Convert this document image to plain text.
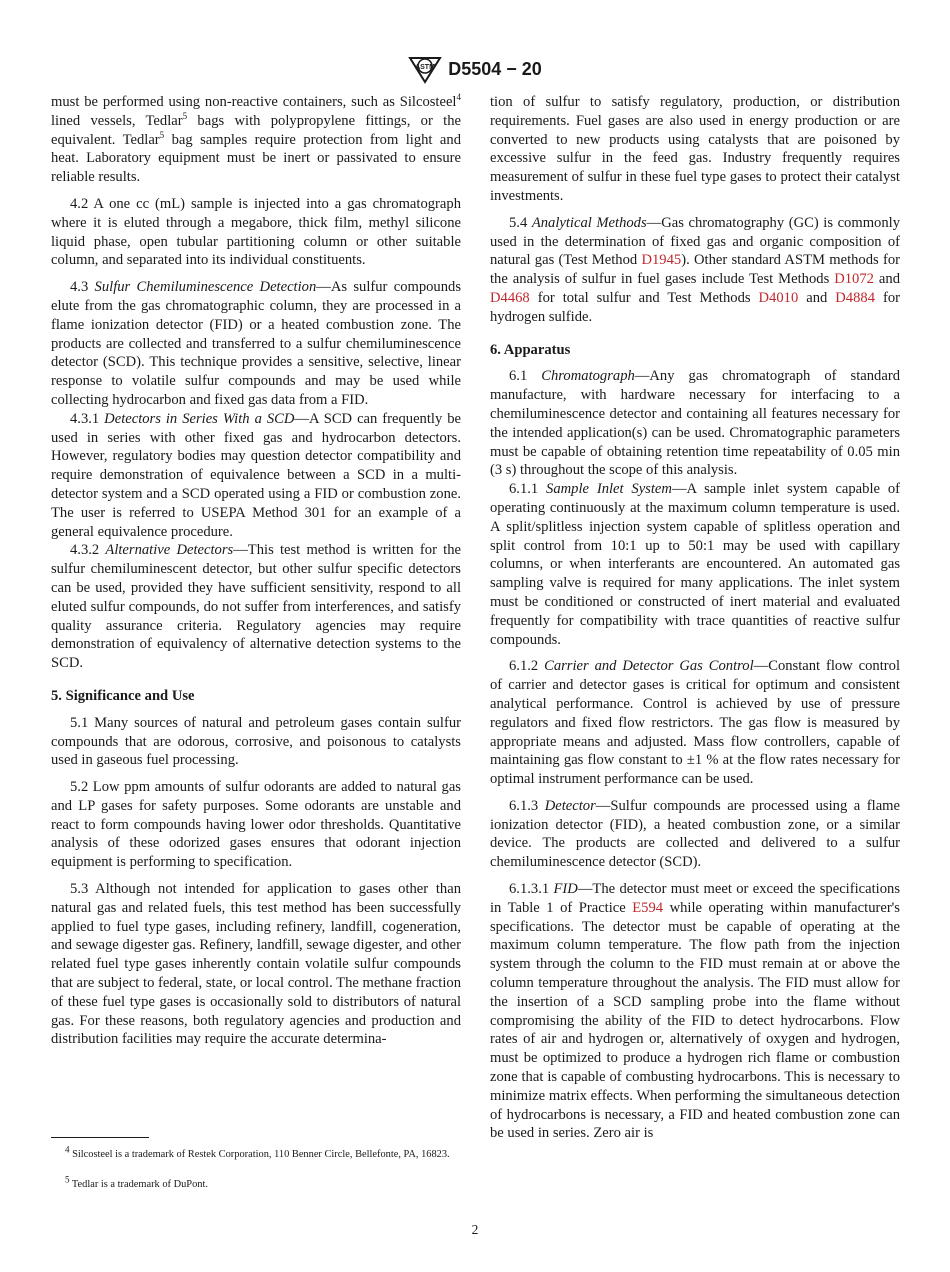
ASTM D5504 − 20

must be performed using non-reactive containers, such as Silcosteel$^4$ lined vessels, Tedlar$^5$ bags with polypropylene fittings, or the equivalent. Tedlar$^5$ bag samples require protection from light and heat. Laboratory equipment must be inert or passivated to ensure reliable results.

4.2 A one cc (mL) sample is injected into a gas chromatograph where it is eluted through a megabore, thick film, methyl silicone liquid phase, open tubular partitioning column or other suitable column, and separated into its individual constituents.

4.3 Sulfur Chemiluminescence Detection—As sulfur compounds elute from the gas chromatographic column, they are processed in a flame ionization detector (FID) or a heated combustion zone. The products are collected and transferred to a sulfur chemiluminescence detector (SCD). This technique provides a sensitive, selective, linear response to volatile sulfur compounds and may be used while collecting hydrocarbon and fixed gas data from a FID.

4.3.1 Detectors in Series With a SCD—A SCD can frequently be used in series with other fixed gas and hydrocarbon detectors. However, regulatory bodies may question detector compatibility and require demonstration of equivalence between a SCD in a multi-detector system and a SCD operated using a FID or combustion zone. The user is referred to USEPA Method 301 for an example of a general equivalence procedure.

4.3.2 Alternative Detectors—This test method is written for the sulfur chemiluminescent detector, but other sulfur specific detectors can be used, provided they have sufficient sensitivity, respond to all eluted sulfur compounds, do not suffer from interferences, and satisfy quality assurance criteria. Regulatory agencies may require demonstration of equivalency of alternative detection systems to the SCD.

5. Significance and Use

5.1 Many sources of natural and petroleum gases contain sulfur compounds that are odorous, corrosive, and poisonous to catalysts used in gaseous fuel processing.

5.2 Low ppm amounts of sulfur odorants are added to natural gas and LP gases for safety purposes. Some odorants are unstable and react to form compounds having lower odor thresholds. Quantitative analysis of these odorized gases ensures that odorant injection equipment is performing to specification.

5.3 Although not intended for application to gases other than natural gas and related fuels, this test method has been successfully applied to fuel type gases, including refinery, landfill, cogeneration, and sewage digester gas. Refinery, landfill, sewage digester, and other related fuel type gases inherently contain volatile sulfur compounds that are subject to federal, state, or local control. The methane fraction of these fuel type gases is occasionally sold to distributors of natural gas. For these reasons, both regulatory agencies and production and distribution facilities may require the accurate determina-

$^4$ Silcosteel is a trademark of Restek Corporation, 110 Benner Circle, Bellefonte, PA, 16823.
$^5$ Tedlar is a trademark of DuPont.

tion of sulfur to satisfy regulatory, production, or distribution requirements. Fuel gases are also used in energy production or are converted to new products using catalysts that are poisoned by excessive sulfur in the feed gas. Industry frequently requires measurement of sulfur in these fuel type gases to protect their catalyst investments.

5.4 Analytical Methods—Gas chromatography (GC) is commonly used in the determination of fixed gas and organic composition of natural gas (Test Method D1945). Other standard ASTM methods for the analysis of sulfur in fuel gases include Test Methods D1072 and D4468 for total sulfur and Test Methods D4010 and D4884 for hydrogen sulfide.

6. Apparatus

6.1 Chromatograph—Any gas chromatograph of standard manufacture, with hardware necessary for interfacing to a chemiluminescence detector and containing all features necessary for the intended application(s) can be used. Chromatographic parameters must be capable of obtaining retention time repeatability of 0.05 min (3 s) throughout the scope of this analysis.

6.1.1 Sample Inlet System—A sample inlet system capable of operating continuously at the maximum column temperature is used. A split/splitless injection system capable of splitless operation and split control from 10:1 up to 50:1 may be used with capillary columns, or when interferants are encountered. An automated gas sampling valve is required for many applications. The inlet system must be conditioned or constructed of inert material and evaluated frequently for compatibility with trace quantities of reactive sulfur compounds.

6.1.2 Carrier and Detector Gas Control—Constant flow control of carrier and detector gases is critical for optimum and consistent analytical performance. Control is achieved by use of pressure regulators and fixed flow restrictors. The gas flow is measured by appropriate means and adjusted. Mass flow controllers, capable of maintaining gas flow constant to ±1 % at the flow rates necessary for optimal instrument performance can be used.

6.1.3 Detector—Sulfur compounds are processed using a flame ionization detector (FID), a heated combustion zone, or a similar device. The products are collected and delivered to a sulfur chemiluminescence detector (SCD).

6.1.3.1 FID—The detector must meet or exceed the specifications in Table 1 of Practice E594 while operating within manufacturer's specifications. The detector must be capable of operating at the maximum column temperature. The flow path from the injection system through the column to the FID must remain at or above the column temperature throughout the analysis. The FID must allow for the insertion of a SCD sampling probe into the flame without compromising the ability of the FID to detect hydrocarbons. Flow rates of air and hydrogen or, alternatively of oxygen and hydrogen, must be optimized to produce a hydrogen rich flame or combustion zone that is capable of combusting hydrocarbons. This is necessary to minimize matrix effects. When performing the simultaneous detection of hydrocarbons is necessary, a FID and heated combustion zone can be used in series. Zero air is

2
